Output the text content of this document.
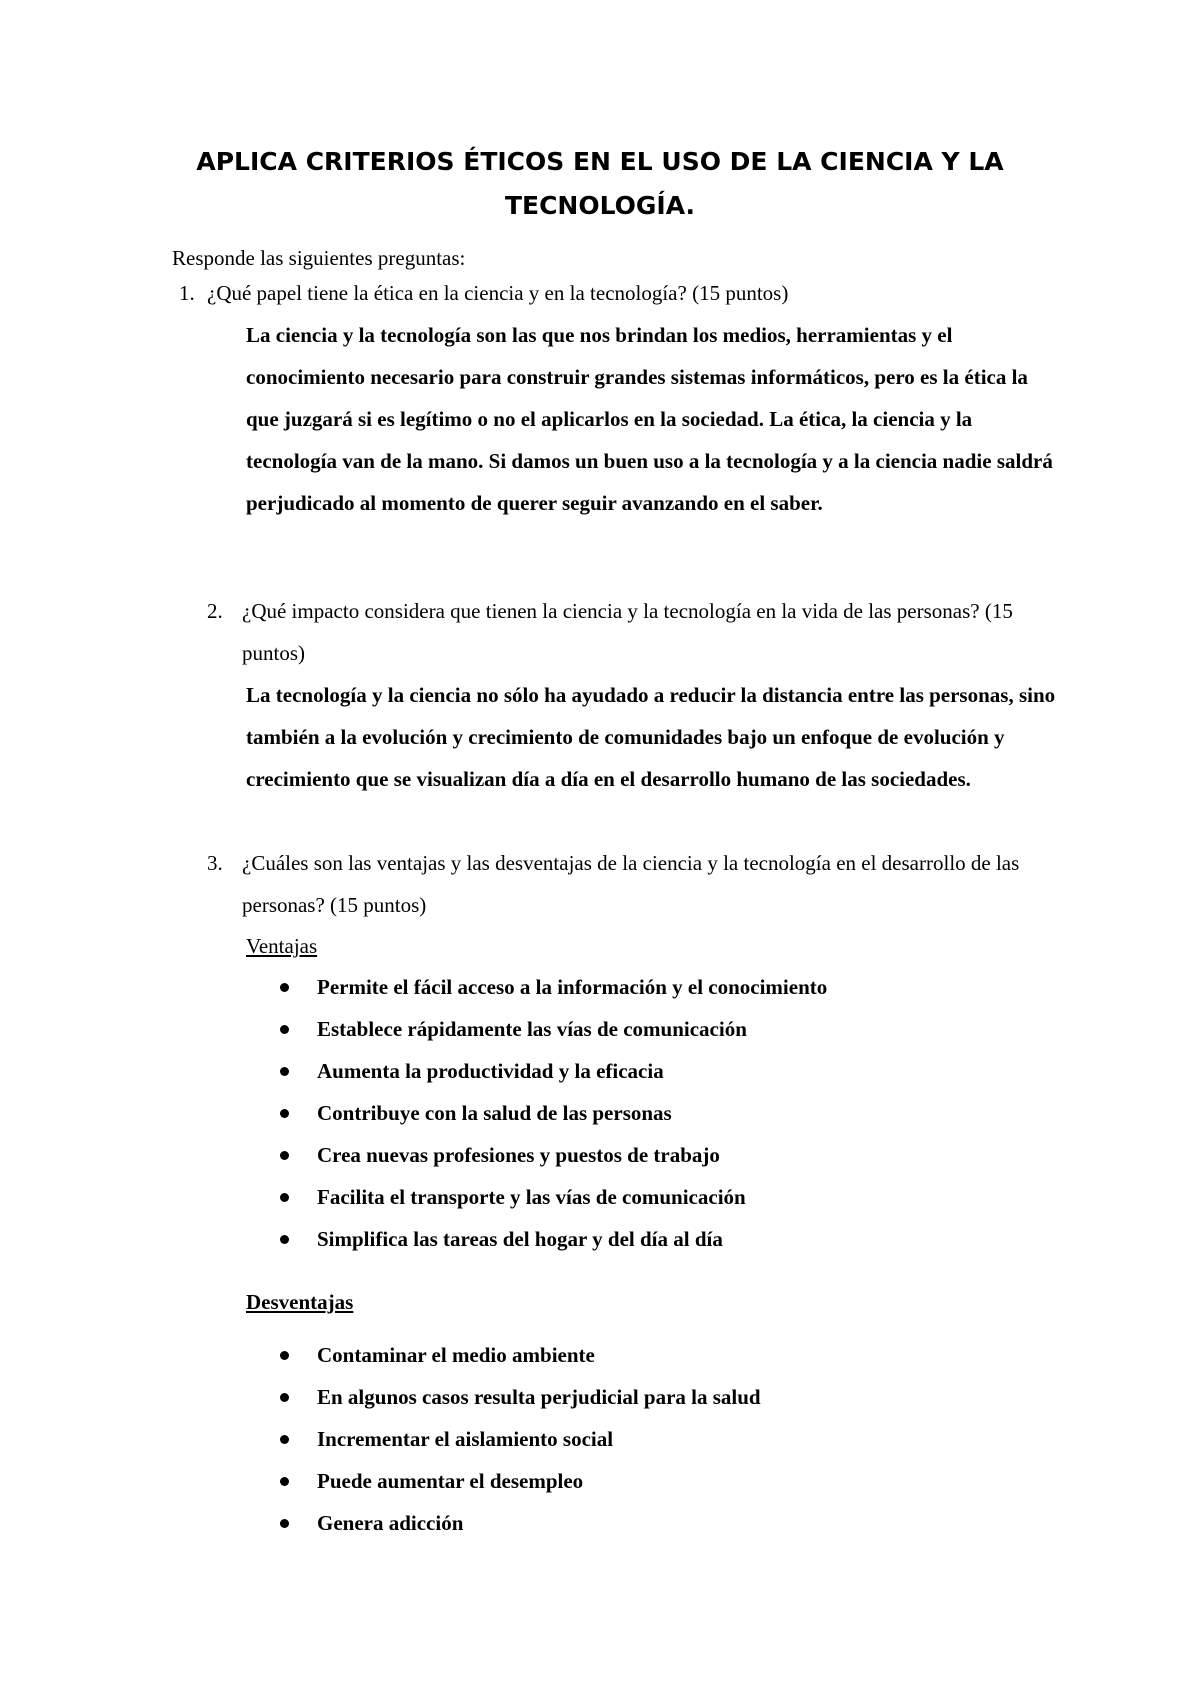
APLICA CRITERIOS ÉTICOS EN EL USO DE LA CIENCIA Y LA
TECNOLOGÍA.

Responde las siguientes preguntas:

1. ¿Qué papel tiene la ética en la ciencia y en la tecnología? (15 puntos)

La ciencia y la tecnología son las que nos brindan los medios, herramientas y el conocimiento necesario para construir grandes sistemas informáticos, pero es la ética la que juzgará si es legítimo o no el aplicarlos en la sociedad. La ética, la ciencia y la tecnología van de la mano. Si damos un buen uso a la tecnología y a la ciencia nadie saldrá perjudicado al momento de querer seguir avanzando en el saber.

2. ¿Qué impacto considera que tienen la ciencia y la tecnología en la vida de las personas? (15 puntos)

La tecnología y la ciencia no sólo ha ayudado a reducir la distancia entre las personas, sino también a la evolución y crecimiento de comunidades bajo un enfoque de evolución y crecimiento que se visualizan día a día en el desarrollo humano de las sociedades.

3. ¿Cuáles son las ventajas y las desventajas de la ciencia y la tecnología en el desarrollo de las personas? (15 puntos)

Ventajas

Permite el fácil acceso a la información y el conocimiento
Establece rápidamente las vías de comunicación
Aumenta la productividad y la eficacia
Contribuye con la salud de las personas
Crea nuevas profesiones y puestos de trabajo
Facilita el transporte y las vías de comunicación
Simplifica las tareas del hogar y del día al día

Desventajas

Contaminar el medio ambiente
En algunos casos resulta perjudicial para la salud
Incrementar el aislamiento social
Puede aumentar el desempleo
Genera adicción
